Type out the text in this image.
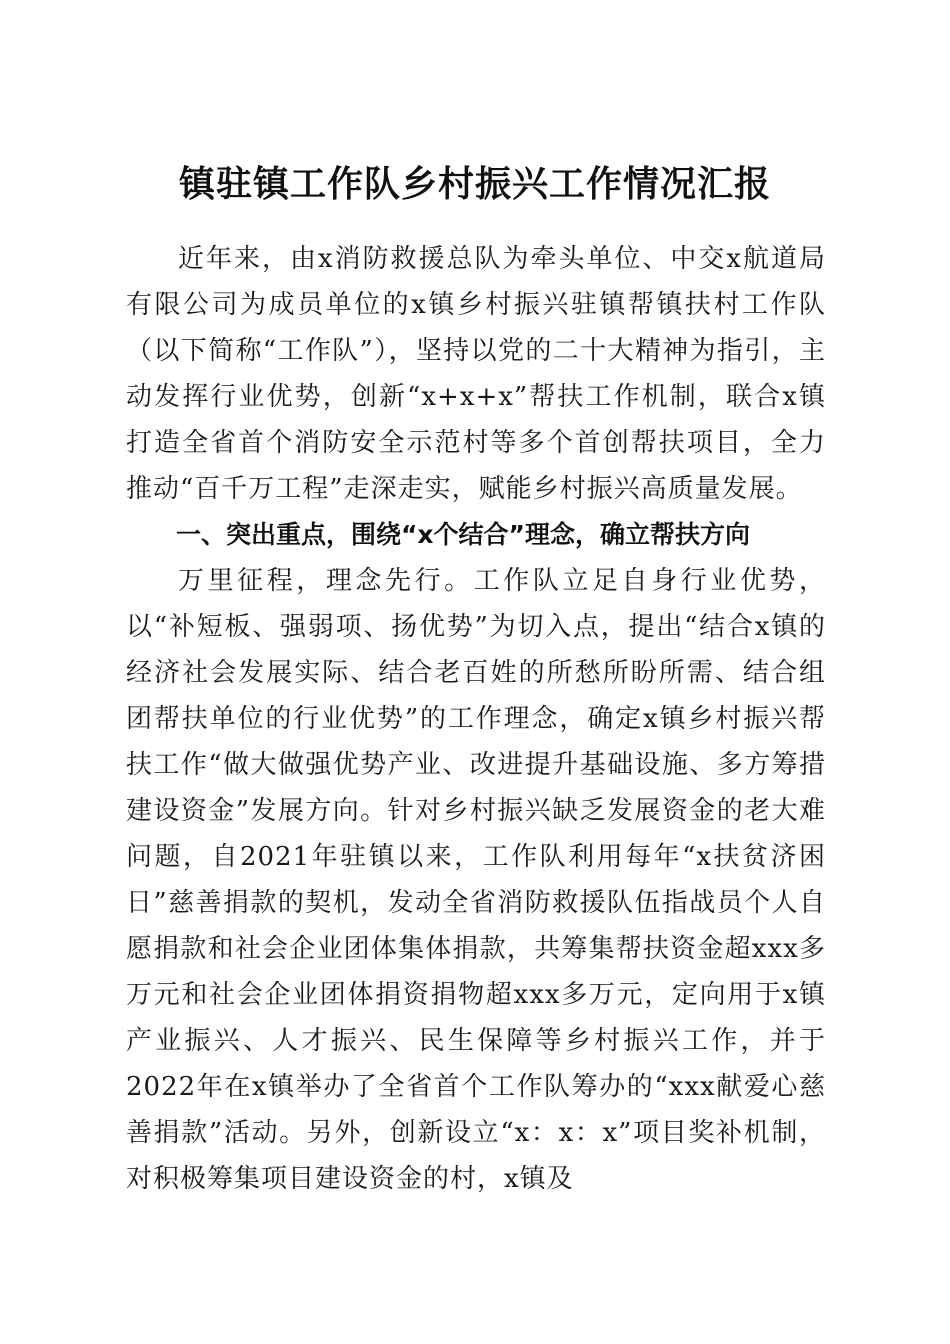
镇驻镇工作队乡村振兴工作情况汇报

近年来，由x消防救援总队为牵头单位、中交x航道局有限公司为成员单位的x镇乡村振兴驻镇帮镇扶村工作队（以下简称“工作队”），坚持以党的二十大精神为指引，主动发挥行业优势，创新“x+x+x”帮扶工作机制，联合x镇打造全省首个消防安全示范村等多个首创帮扶项目，全力推动“百千万工程”走深走实，赋能乡村振兴高质量发展。

一、突出重点，围绕“x个结合”理念，确立帮扶方向

万里征程，理念先行。工作队立足自身行业优势，以“补短板、强弱项、扬优势”为切入点，提出“结合x镇的经济社会发展实际、结合老百姓的所愁所盼所需、结合组团帮扶单位的行业优势”的工作理念，确定x镇乡村振兴帮扶工作“做大做强优势产业、改进提升基础设施、多方筹措建设资金”发展方向。针对乡村振兴缺乏发展资金的老大难问题，自2021年驻镇以来，工作队利用每年“x扶贫济困日”慈善捐款的契机，发动全省消防救援队伍指战员个人自愿捐款和社会企业团体集体捐款，共筹集帮扶资金超xxx多万元和社会企业团体捐资捐物超xxx多万元，定向用于x镇产业振兴、人才振兴、民生保障等乡村振兴工作，并于2022年在x镇举办了全省首个工作队筹办的“xxx献爱心慈善捐款”活动。另外，创新设立“x：x：x”项目奖补机制，对积极筹集项目建设资金的村，x镇及
